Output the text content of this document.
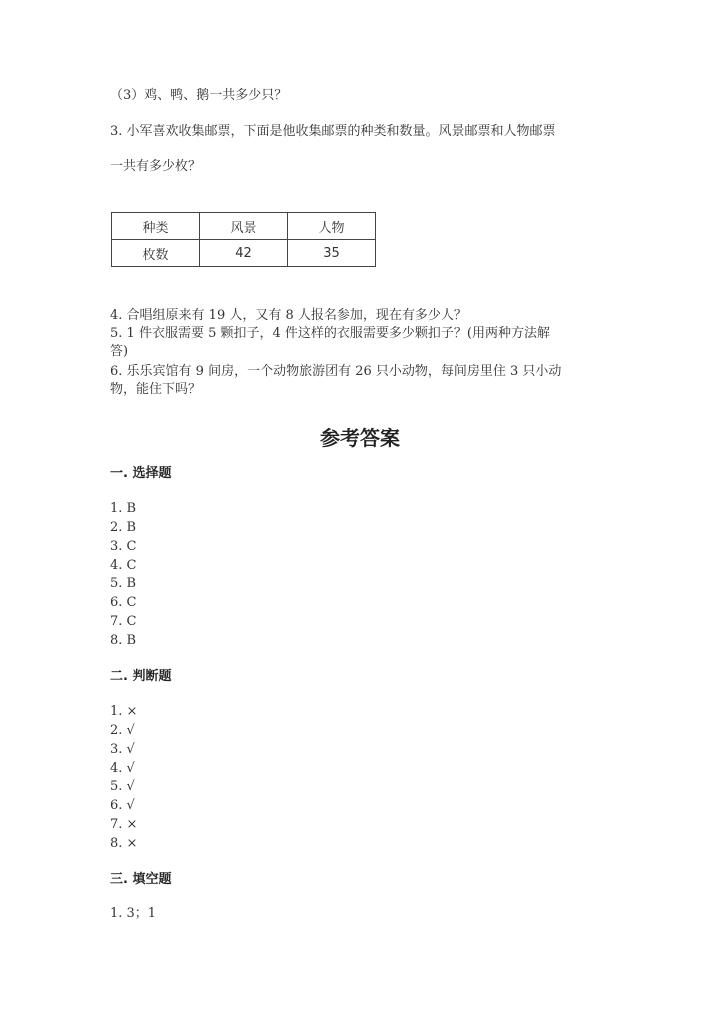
（3）鸡、鸭、鹅一共多少只？
3. 小军喜欢收集邮票，下面是他收集邮票的种类和数量。风景邮票和人物邮票
一共有多少枚？
种类	风景	人物
枚数	42	35
4. 合唱组原来有 19 人，又有 8 人报名参加，现在有多少人？
5. 1 件衣服需要 5 颗扣子，4 件这样的衣服需要多少颗扣子？(用两种方法解
答)
6. 乐乐宾馆有 9 间房，一个动物旅游团有 26 只小动物，每间房里住 3 只小动
物，能住下吗？
参考答案
一. 选择题
1. B
2. B
3. C
4. C
5. B
6. C
7. C
8. B
二. 判断题
1. ×
2. √
3. √
4. √
5. √
6. √
7. ×
8. ×
三. 填空题
1. 3；1
